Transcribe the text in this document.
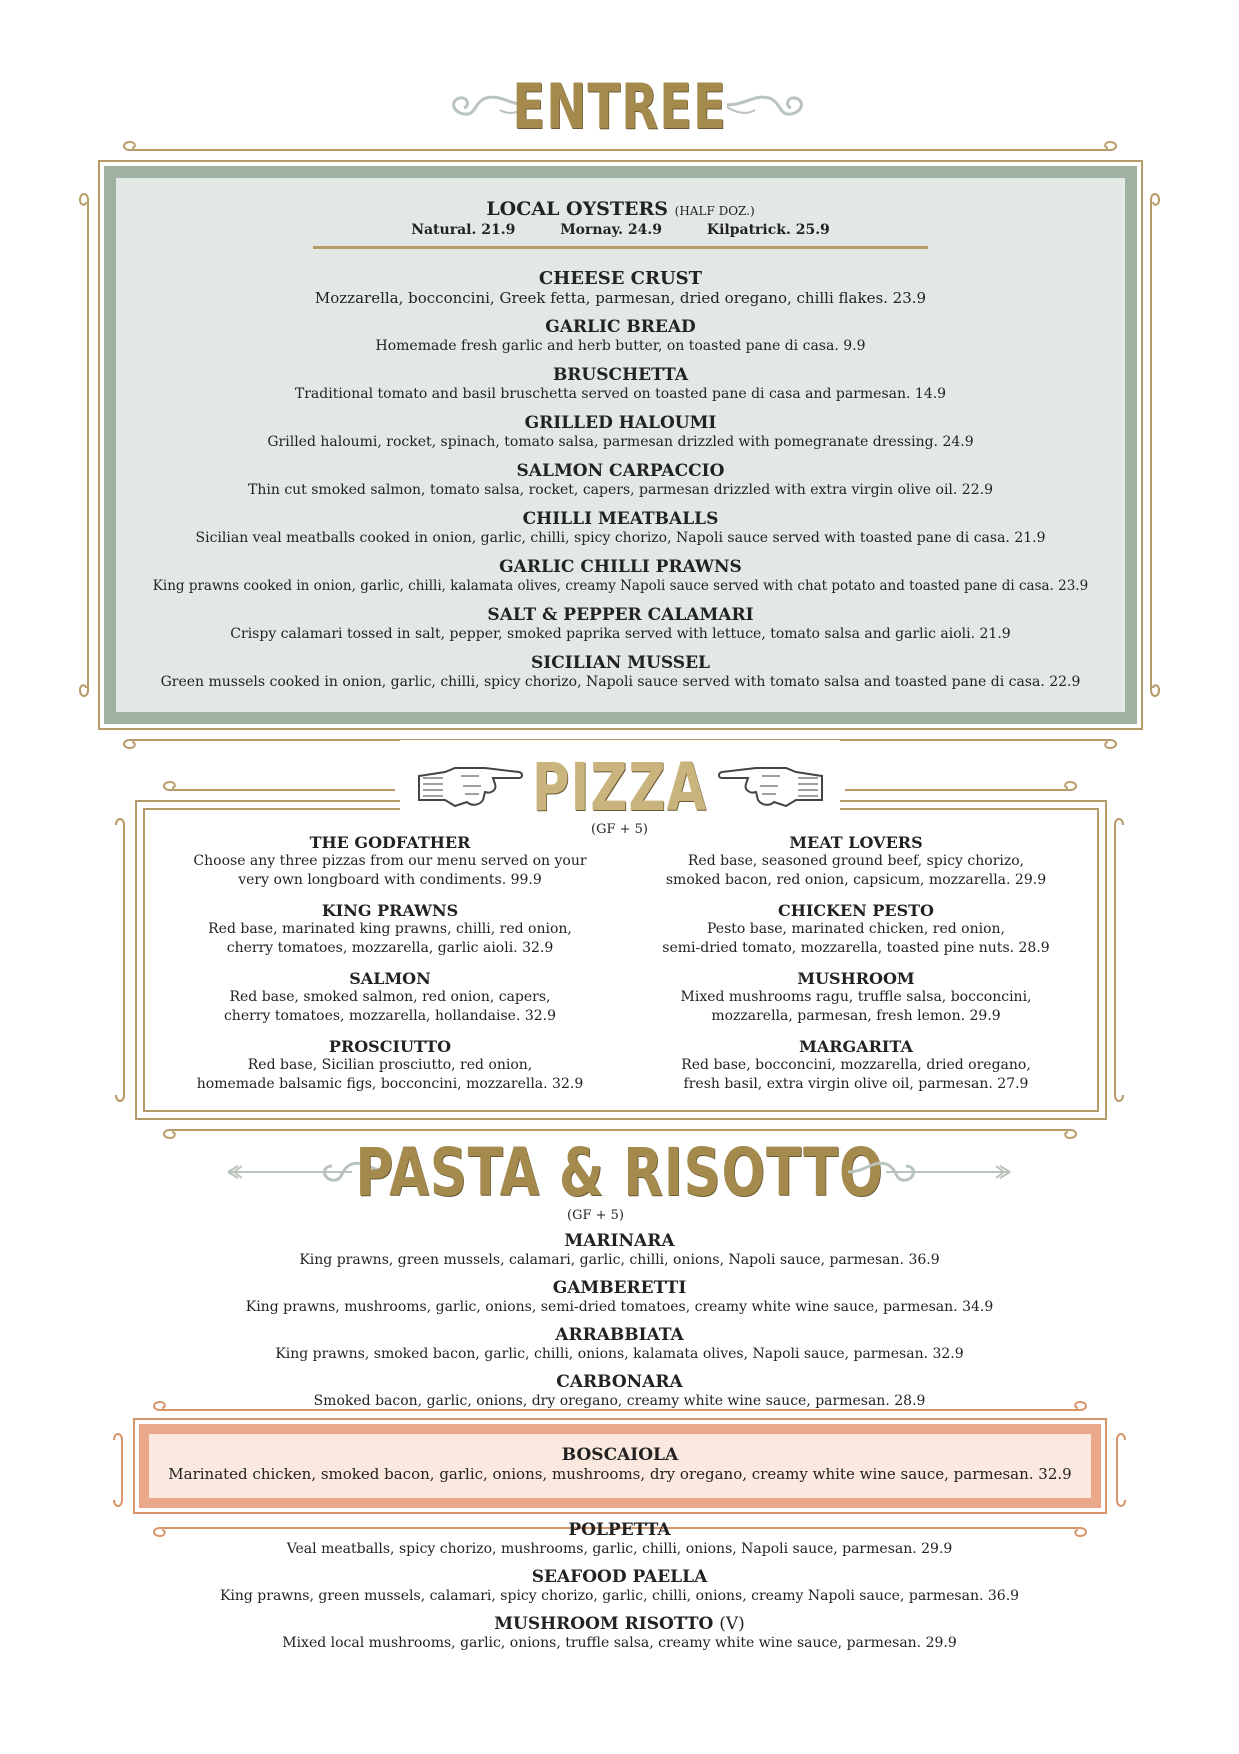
ENTREE
LOCAL OYSTERS (HALF DOZ.)
Natural. 21.9	Mornay. 24.9	Kilpatrick. 25.9
CHEESE CRUST
Mozzarella, bocconcini, Greek fetta, parmesan, dried oregano, chilli flakes. 23.9
GARLIC BREAD
Homemade fresh garlic and herb butter, on toasted pane di casa. 9.9
BRUSCHETTA
Traditional tomato and basil bruschetta served on toasted pane di casa and parmesan. 14.9
GRILLED HALOUMI
Grilled haloumi, rocket, spinach, tomato salsa, parmesan drizzled with pomegranate dressing. 24.9
SALMON CARPACCIO
Thin cut smoked salmon, tomato salsa, rocket, capers, parmesan drizzled with extra virgin olive oil. 22.9
CHILLI MEATBALLS
Sicilian veal meatballs cooked in onion, garlic, chilli, spicy chorizo, Napoli sauce served with toasted pane di casa. 21.9
GARLIC CHILLI PRAWNS
King prawns cooked in onion, garlic, chilli, kalamata olives, creamy Napoli sauce served with chat potato and toasted pane di casa. 23.9
SALT & PEPPER CALAMARI
Crispy calamari tossed in salt, pepper, smoked paprika served with lettuce, tomato salsa and garlic aioli. 21.9
SICILIAN MUSSEL
Green mussels cooked in onion, garlic, chilli, spicy chorizo, Napoli sauce served with tomato salsa and toasted pane di casa. 22.9
PIZZA
(GF + 5)
THE GODFATHER
Choose any three pizzas from our menu served on your
very own longboard with condiments. 99.9
KING PRAWNS
Red base, marinated king prawns, chilli, red onion,
cherry tomatoes, mozzarella, garlic aioli. 32.9
SALMON
Red base, smoked salmon, red onion, capers,
cherry tomatoes, mozzarella, hollandaise. 32.9
PROSCIUTTO
Red base, Sicilian prosciutto, red onion,
homemade balsamic figs, bocconcini, mozzarella. 32.9
MEAT LOVERS
Red base, seasoned ground beef, spicy chorizo,
smoked bacon, red onion, capsicum, mozzarella. 29.9
CHICKEN PESTO
Pesto base, marinated chicken, red onion,
semi-dried tomato, mozzarella, toasted pine nuts. 28.9
MUSHROOM
Mixed mushrooms ragu, truffle salsa, bocconcini,
mozzarella, parmesan, fresh lemon. 29.9
MARGARITA
Red base, bocconcini, mozzarella, dried oregano,
fresh basil, extra virgin olive oil, parmesan. 27.9
PASTA & RISOTTO
(GF + 5)
MARINARA
King prawns, green mussels, calamari, garlic, chilli, onions, Napoli sauce, parmesan. 36.9
GAMBERETTI
King prawns, mushrooms, garlic, onions, semi-dried tomatoes, creamy white wine sauce, parmesan. 34.9
ARRABBIATA
King prawns, smoked bacon, garlic, chilli, onions, kalamata olives, Napoli sauce, parmesan. 32.9
CARBONARA
Smoked bacon, garlic, onions, dry oregano, creamy white wine sauce, parmesan. 28.9
BOSCAIOLA
Marinated chicken, smoked bacon, garlic, onions, mushrooms, dry oregano, creamy white wine sauce, parmesan. 32.9
POLPETTA
Veal meatballs, spicy chorizo, mushrooms, garlic, chilli, onions, Napoli sauce, parmesan. 29.9
SEAFOOD PAELLA
King prawns, green mussels, calamari, spicy chorizo, garlic, chilli, onions, creamy Napoli sauce, parmesan. 36.9
MUSHROOM RISOTTO (V)
Mixed local mushrooms, garlic, onions, truffle salsa, creamy white wine sauce, parmesan. 29.9
